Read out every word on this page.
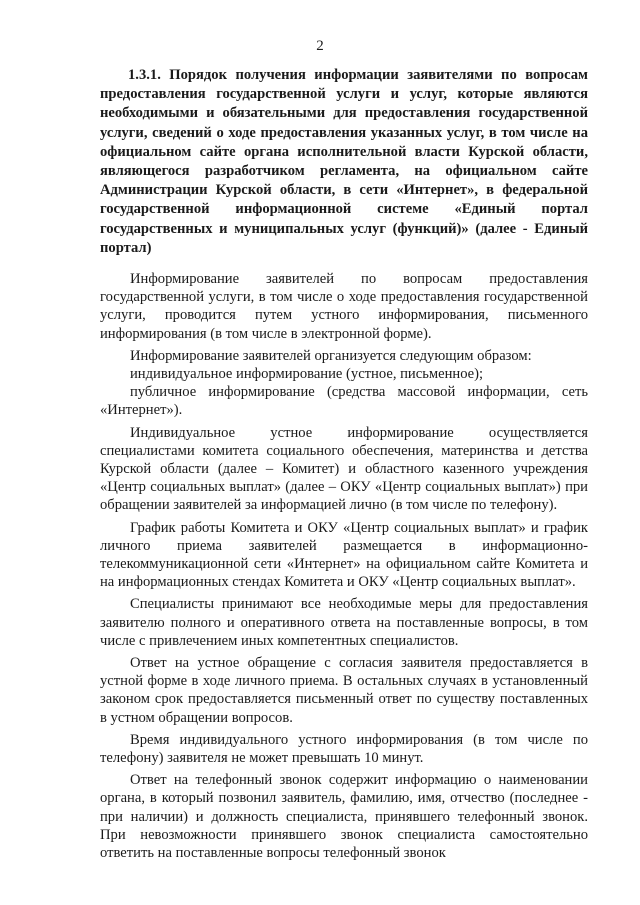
2
1.3.1. Порядок получения информации заявителями по вопросам предоставления государственной услуги и услуг, которые являются необходимыми и обязательными для предоставления государственной услуги, сведений о ходе предоставления указанных услуг, в том числе на официальном сайте органа исполнительной власти Курской области, являющегося разработчиком регламента, на официальном сайте Администрации Курской области, в сети «Интернет», в федеральной государственной информационной системе «Единый портал государственных и муниципальных услуг (функций)» (далее - Единый портал)

Информирование заявителей по вопросам предоставления государственной услуги, в том числе о ходе предоставления государственной услуги, проводится путем устного информирования, письменного информирования (в том числе в электронной форме).

Информирование заявителей организуется следующим образом:

индивидуальное информирование (устное, письменное);

публичное информирование (средства массовой информации, сеть «Интернет»).

Индивидуальное устное информирование осуществляется специалистами комитета социального обеспечения, материнства и детства Курской области (далее – Комитет) и областного казенного учреждения «Центр социальных выплат» (далее – ОКУ «Центр социальных выплат») при обращении заявителей за информацией лично (в том числе по телефону).

График работы Комитета и ОКУ «Центр социальных выплат» и график личного приема заявителей размещается в информационно-телекоммуникационной сети «Интернет» на официальном сайте Комитета и на информационных стендах Комитета и ОКУ «Центр социальных выплат».

Специалисты принимают все необходимые меры для предоставления заявителю полного и оперативного ответа на поставленные вопросы, в том числе с привлечением иных компетентных специалистов.

Ответ на устное обращение с согласия заявителя предоставляется в устной форме в ходе личного приема. В остальных случаях в установленный законом срок предоставляется письменный ответ по существу поставленных в устном обращении вопросов.

Время индивидуального устного информирования (в том числе по телефону) заявителя не может превышать 10 минут.

Ответ на телефонный звонок содержит информацию о наименовании органа, в который позвонил заявитель, фамилию, имя, отчество (последнее - при наличии) и должность специалиста, принявшего телефонный звонок. При невозможности принявшего звонок специалиста самостоятельно ответить на поставленные вопросы телефонный звонок
